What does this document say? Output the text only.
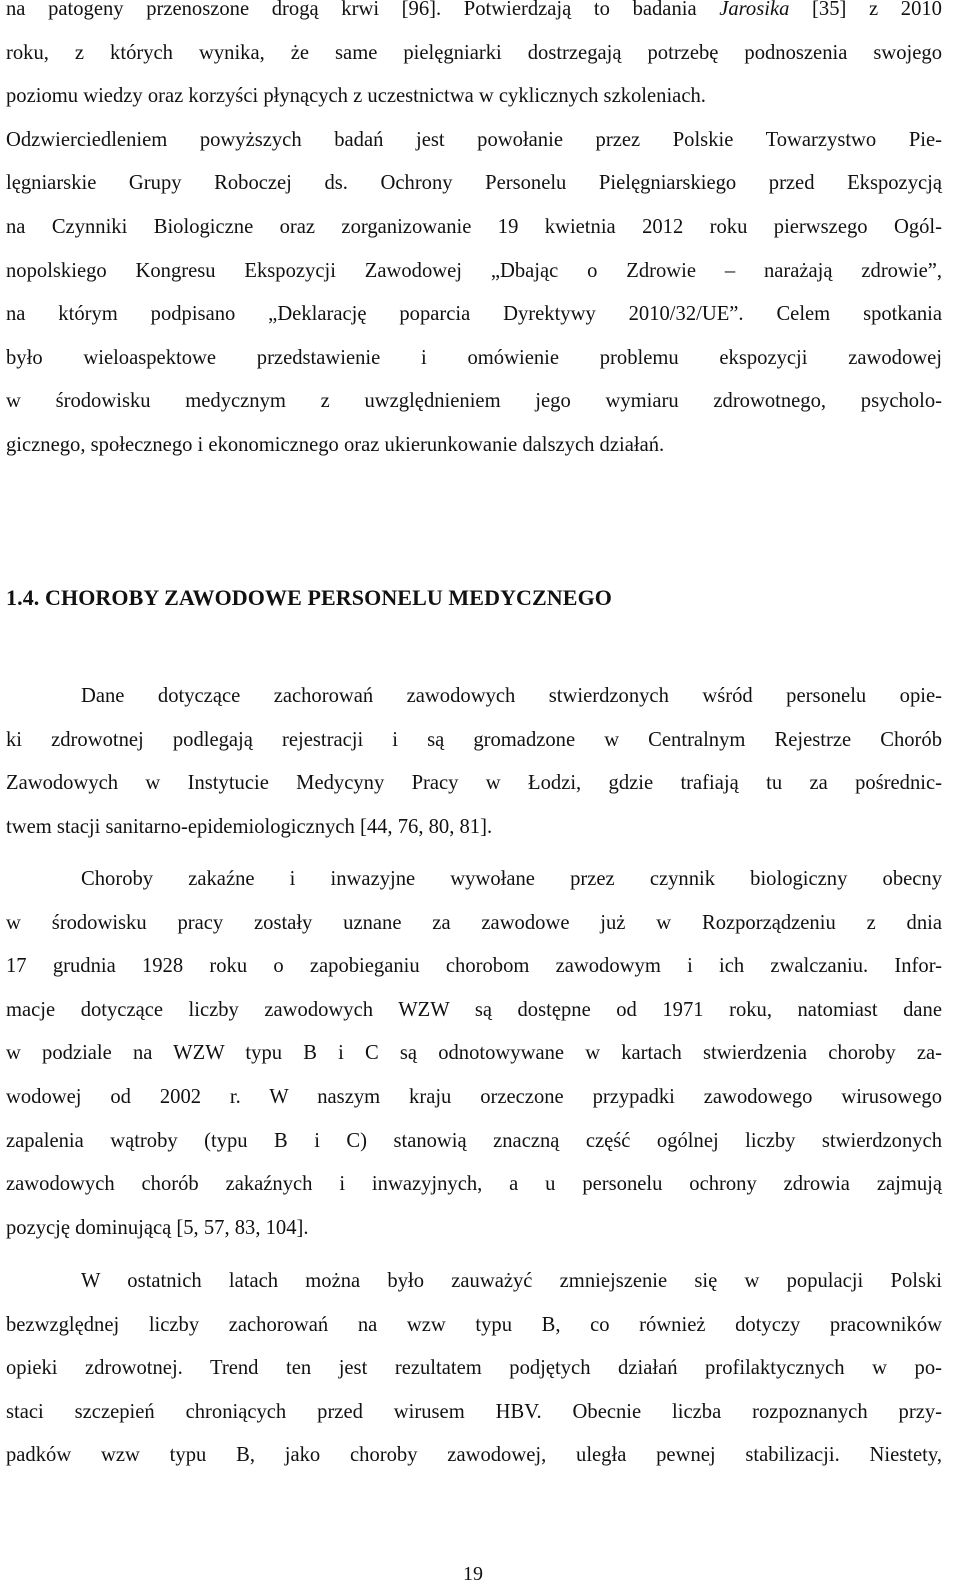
na patogeny przenoszone drogą krwi [96]. Potwierdzają to badania Jarosika [35] z 2010
roku, z których wynika, że same pielęgniarki dostrzegają potrzebę podnoszenia swojego
poziomu wiedzy oraz korzyści płynących z uczestnictwa w cyklicznych szkoleniach.
Odzwierciedleniem powyższych badań jest powołanie przez Polskie Towarzystwo Pie-
lęgniarskie Grupy Roboczej ds. Ochrony Personelu Pielęgniarskiego przed Ekspozycją
na Czynniki Biologiczne oraz zorganizowanie 19 kwietnia 2012 roku pierwszego Ogól-
nopolskiego Kongresu Ekspozycji Zawodowej „Dbając o Zdrowie – narażają zdrowie”,
na którym podpisano „Deklarację poparcia Dyrektywy 2010/32/UE”. Celem spotkania
było wieloaspektowe przedstawienie i omówienie problemu ekspozycji zawodowej
w środowisku medycznym z uwzględnieniem jego wymiaru zdrowotnego, psycholo-
gicznego, społecznego i ekonomicznego oraz ukierunkowanie dalszych działań.
1.4. CHOROBY ZAWODOWE PERSONELU MEDYCZNEGO
Dane dotyczące zachorowań zawodowych stwierdzonych wśród personelu opie-
ki zdrowotnej podlegają rejestracji i są gromadzone w Centralnym Rejestrze Chorób
Zawodowych w Instytucie Medycyny Pracy w Łodzi, gdzie trafiają tu za pośrednic-
twem stacji sanitarno-epidemiologicznych [44, 76, 80, 81].
Choroby zakaźne i inwazyjne wywołane przez czynnik biologiczny obecny
w środowisku pracy zostały uznane za zawodowe już w Rozporządzeniu z dnia
17 grudnia 1928 roku o zapobieganiu chorobom zawodowym i ich zwalczaniu. Infor-
macje dotyczące liczby zawodowych WZW są dostępne od 1971 roku, natomiast dane
w podziale na WZW typu B i C są odnotowywane w kartach stwierdzenia choroby za-
wodowej od 2002 r. W naszym kraju orzeczone przypadki zawodowego wirusowego
zapalenia wątroby (typu B i C) stanowią znaczną część ogólnej liczby stwierdzonych
zawodowych chorób zakaźnych i inwazyjnych, a u personelu ochrony zdrowia zajmują
pozycję dominującą [5, 57, 83, 104].
W ostatnich latach można było zauważyć zmniejszenie się w populacji Polski
bezwzględnej liczby zachorowań na wzw typu B, co również dotyczy pracowników
opieki zdrowotnej. Trend ten jest rezultatem podjętych działań profilaktycznych w po-
staci szczepień chroniących przed wirusem HBV. Obecnie liczba rozpoznanych przy-
padków wzw typu B, jako choroby zawodowej, uległa pewnej stabilizacji. Niestety,
19
